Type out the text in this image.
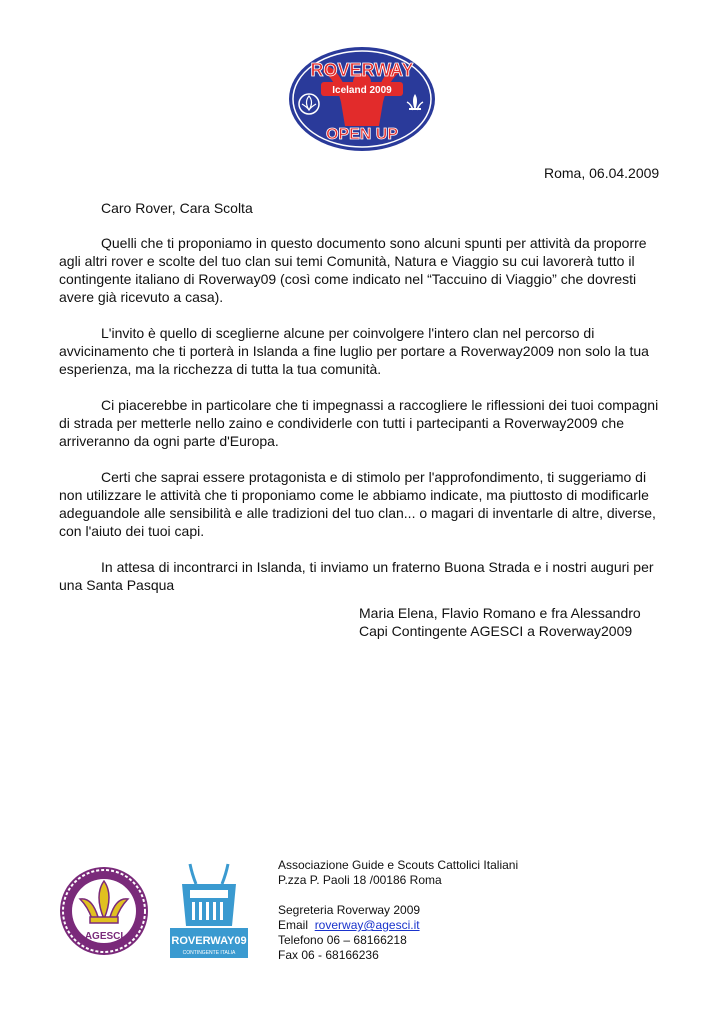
ROVERWAY
Iceland 2009
OPEN UP
Roma, 06.04.2009
Caro Rover, Cara Scolta

Quelli che ti proponiamo in questo documento sono alcuni spunti per attività da proporre agli altri rover e scolte del tuo clan sui temi Comunità, Natura e Viaggio su cui lavorerà tutto il contingente italiano di Roverway09 (così come indicato nel “Taccuino di Viaggio” che dovresti avere già ricevuto a casa).

L'invito è quello di sceglierne alcune per coinvolgere l'intero clan nel percorso di avvicinamento che ti porterà in Islanda a fine luglio per portare a Roverway2009 non solo la tua esperienza, ma la ricchezza di tutta la tua comunità.

Ci piacerebbe in particolare che ti impegnassi a raccogliere le riflessioni dei tuoi compagni di strada per metterle nello zaino e condividerle con tutti i partecipanti a Roverway2009 che arriveranno da ogni parte d'Europa.

Certi che saprai essere protagonista e di stimolo per l'approfondimento, ti suggeriamo di non utilizzare le attività che ti proponiamo come le abbiamo indicate, ma piuttosto di modificarle adeguandole alle sensibilità e alle tradizioni del tuo clan... o magari di inventarle di altre, diverse, con l'aiuto dei tuoi capi.

In attesa di incontrarci in Islanda, ti inviamo un fraterno Buona Strada e i nostri auguri per una Santa Pasqua

Maria Elena, Flavio Romano e fra Alessandro
Capi Contingente AGESCI a Roverway2009
AGESCI	ROVERWAY09
CONTINGENTE ITALIA
Associazione Guide e Scouts Cattolici Italiani
P.zza P. Paoli 18 /00186 Roma
Segreteria Roverway 2009
Email roverway@agesci.it
Telefono 06 – 68166218
Fax 06 - 68166236
